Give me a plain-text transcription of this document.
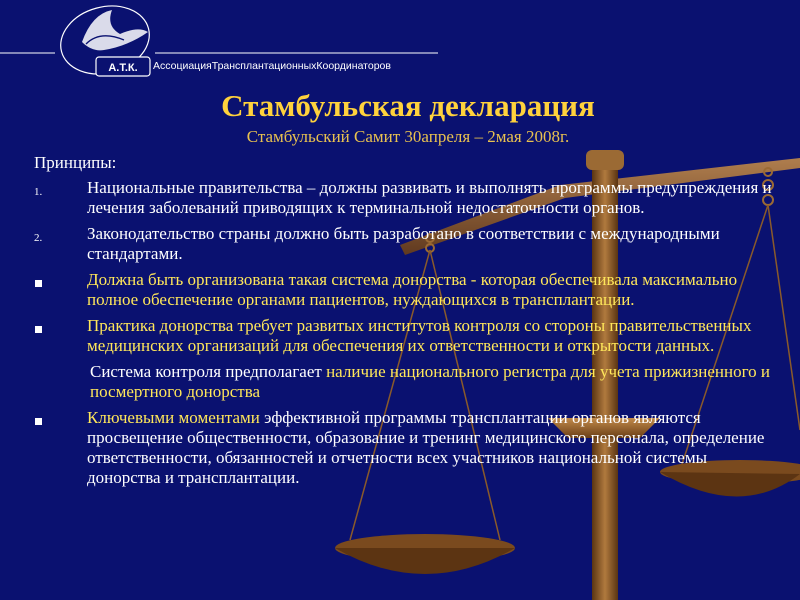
А.Т.К. АссоциацияТрансплантационныхКоординаторов
Стамбульская декларация
Стамбульский Самит 30апреля – 2мая 2008г.
Принципы:
1.	Национальные правительства – должны развивать и выполнять программы предупреждения и лечения заболеваний приводящих к терминальной недостаточности органов.
2.	Законодательство страны должно быть разработано в соответствии с международными стандартами.
Должна быть организована такая система донорства - которая обеспечивала максимально полное обеспечение органами пациентов, нуждающихся в трансплантации.
Практика донорства требует развитых институтов контроля со стороны правительственных медицинских организаций для обеспечения их ответственности и открытости данных.
Система контроля предполагает наличие национального регистра для учета прижизненного и посмертного донорства
Ключевыми моментами эффективной программы трансплантации органов являются просвещение общественности, образование и тренинг медицинского персонала, определение ответственности, обязанностей и отчетности всех участников национальной системы донорства и трансплантации.
